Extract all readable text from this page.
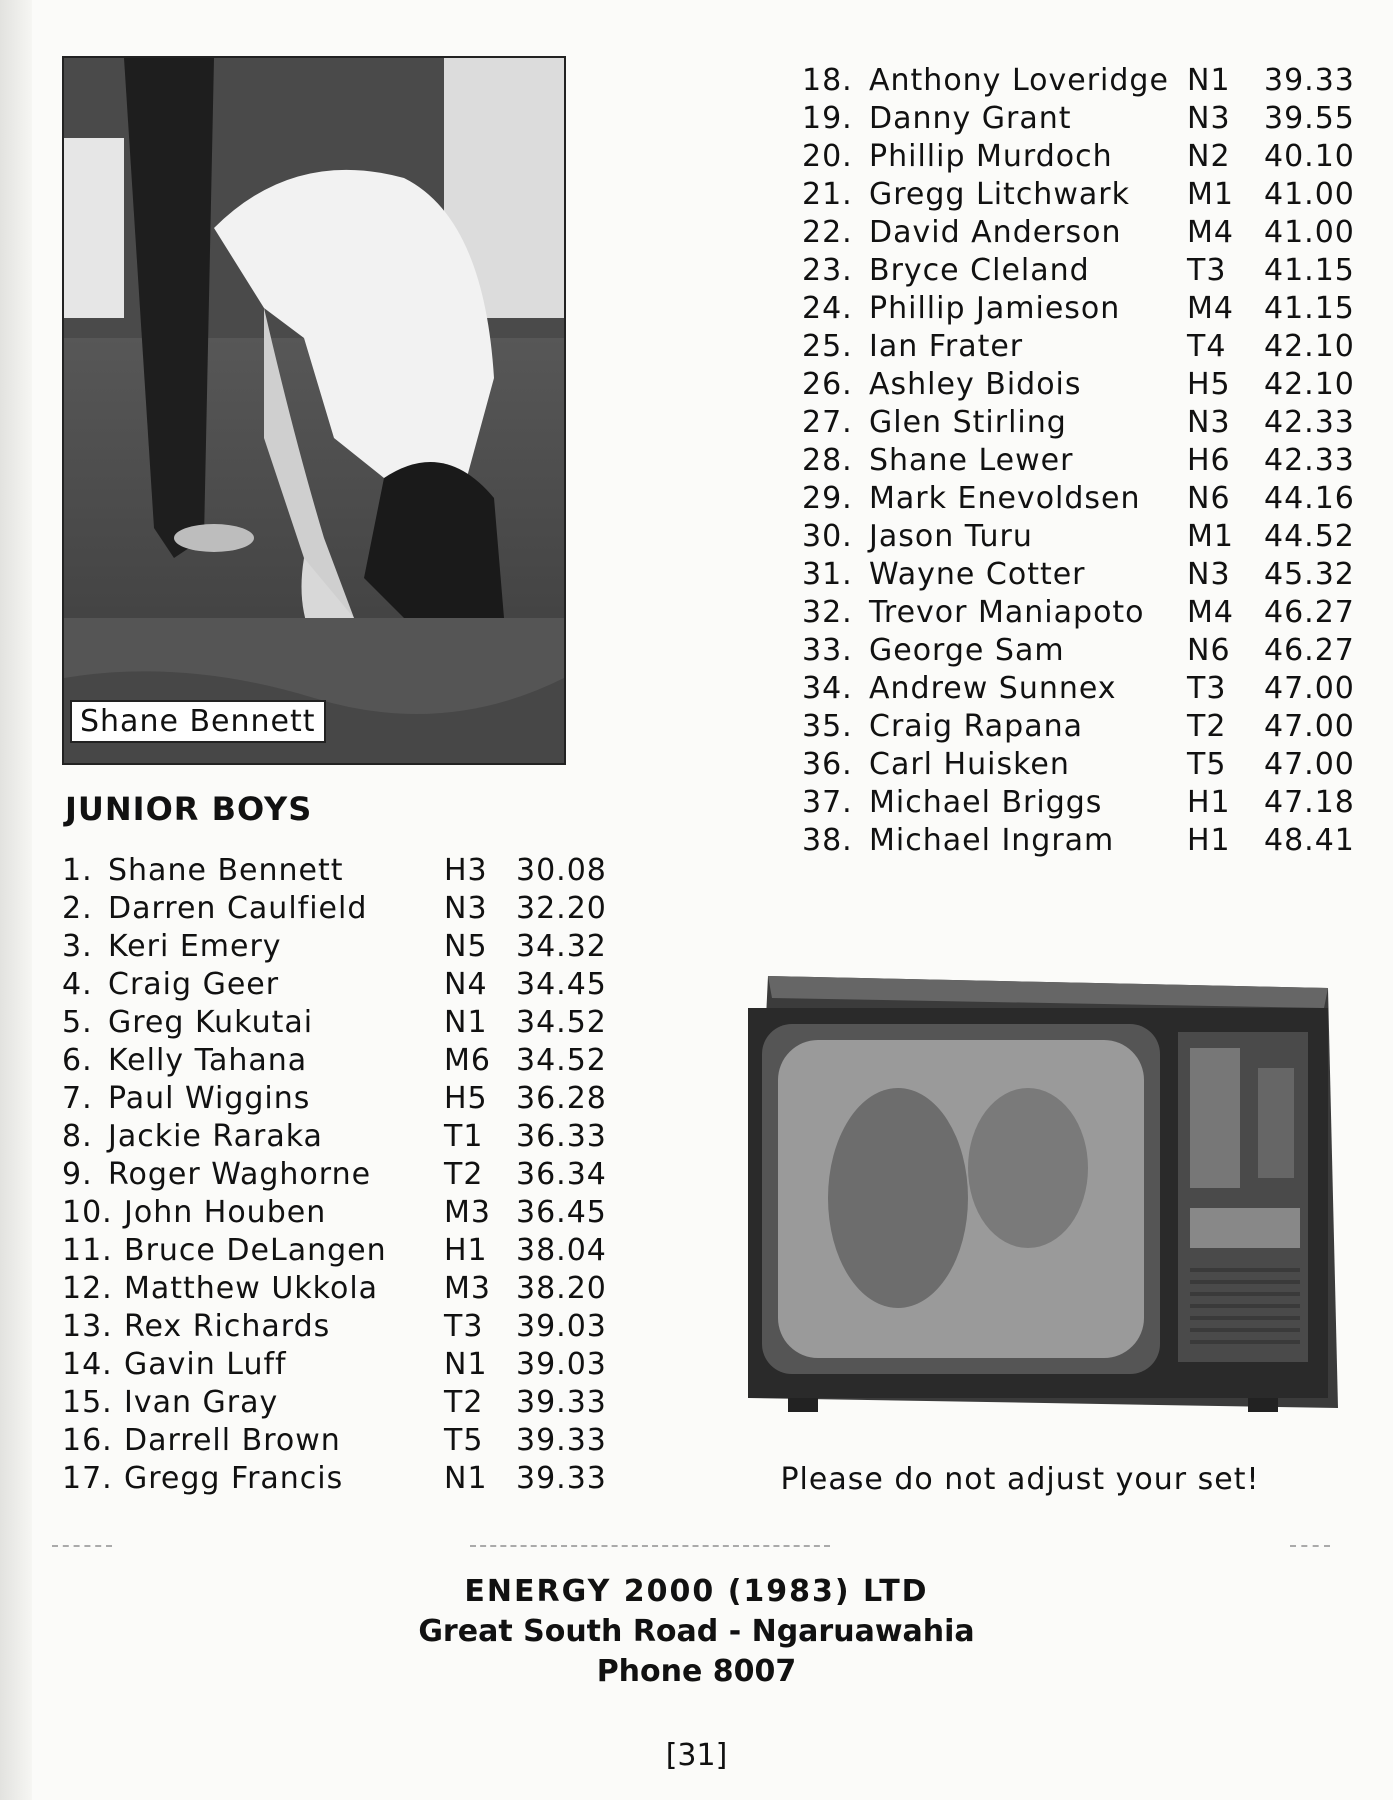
Shane Bennett
JUNIOR BOYS
1. Shane Bennett	H3 30.08
2. Darren Caulfield	N3 32.20
3. Keri Emery	N5 34.32
4. Craig Geer	N4 34.45
5. Greg Kukutai	N1 34.52
6. Kelly Tahana	M6 34.52
7. Paul Wiggins	H5 36.28
8. Jackie Raraka	T1 36.33
9. Roger Waghorne T2 36.34
10. John Houben	M3 36.45
11. Bruce DeLangen H1 38.04
12. Matthew Ukkola M3 38.20
13. Rex Richards	T3 39.03
14. Gavin Luff	N1 39.03
15. Ivan Gray	T2 39.33
16. Darrell Brown	T5 39.33
17. Gregg Francis	N1 39.33
18. Anthony Loveridge N1 39.33
19. Danny Grant	N3 39.55
20. Phillip Murdoch N2 40.10
21. Gregg Litchwark M1 41.00
22. David Anderson M4 41.00
23. Bryce Cleland	T3 41.15
24. Phillip Jamieson M4 41.15
25. Ian Frater	T4 42.10
26. Ashley Bidois	H5 42.10
27. Glen Stirling	N3 42.33
28. Shane Lewer	H6 42.33
29. Mark Enevoldsen N6 44.16
30. Jason Turu	M1 44.52
31. Wayne Cotter	N3 45.32
32. Trevor Maniapoto M4 46.27
33. George Sam	N6 46.27
34. Andrew Sunnex T3 47.00
35. Craig Rapana	T2 47.00
36. Carl Huisken	T5 47.00
37. Michael Briggs	H1 47.18
38. Michael Ingram H1 48.41
Please do not adjust your set!
ENERGY 2000 (1983) LTD
Great South Road - Ngaruawahia
Phone 8007
[31]
